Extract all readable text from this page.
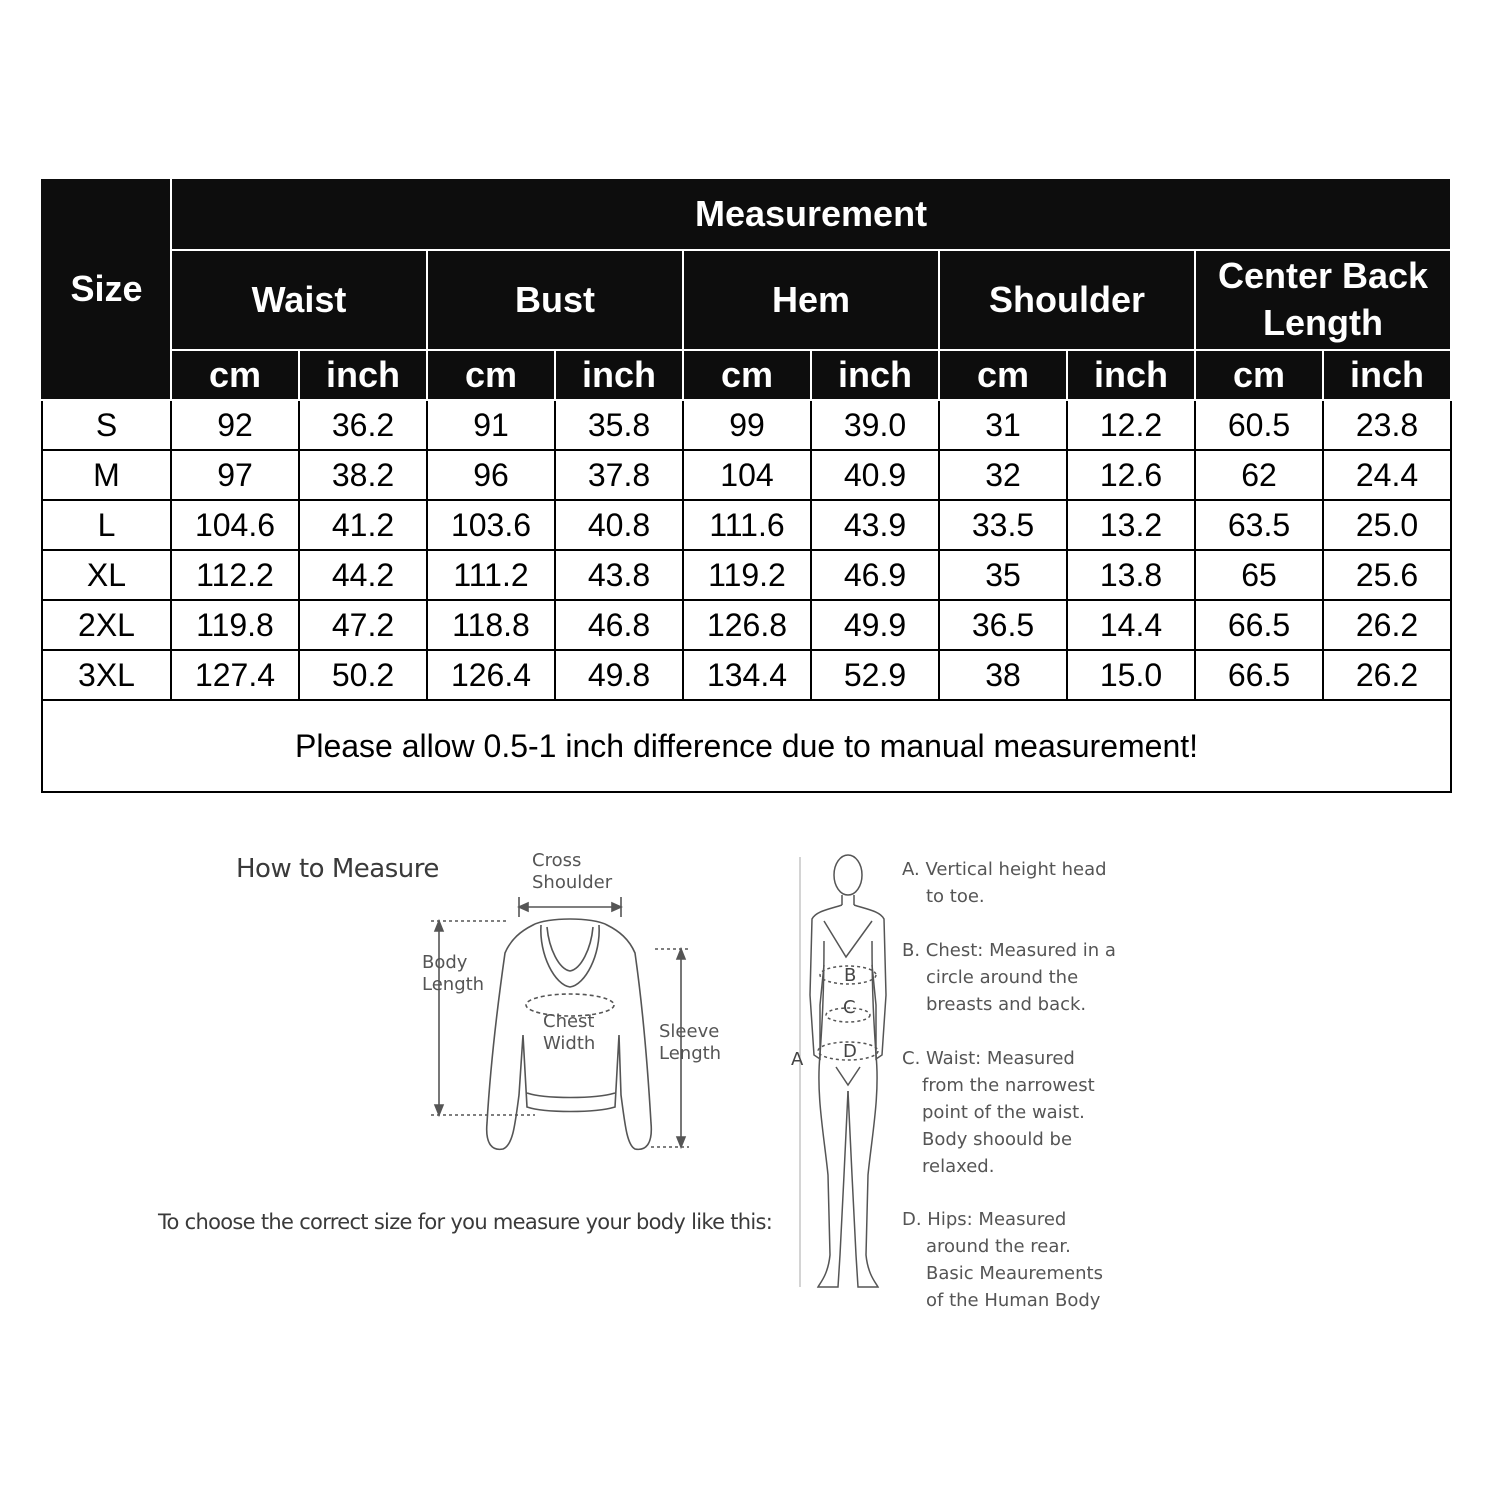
Size	Measurement									
	Waist		Bust		Hem		Shoulder		Center Back Length	
	cm	inch	cm	inch	cm	inch	cm	inch	cm	inch
S	92	36.2	91	35.8	99	39.0	31	12.2	60.5	23.8
M	97	38.2	96	37.8	104	40.9	32	12.6	62	24.4
L	104.6	41.2	103.6	40.8	111.6	43.9	33.5	13.2	63.5	25.0
XL	112.2	44.2	111.2	43.8	119.2	46.9	35	13.8	65	25.6
2XL	119.8	47.2	118.8	46.8	126.8	49.9	36.5	14.4	66.5	26.2
3XL	127.4	50.2	126.4	49.8	134.4	52.9	38	15.0	66.5	26.2
Please allow 0.5-1 inch difference due to manual measurement!										
How to Measure	Cross
Shoulder
Body
Length
Chest
Width
Sleeve
Length
To choose the correct size for you measure your body like this:
B
C
D
A
A. Vertical height head
to toe.
B. Chest: Measured in a
circle around the
breasts and back.
C. Waist: Measured
from the narrowest
point of the waist.
Body shoould be
relaxed.
D. Hips: Measured
around the rear.
Basic Meaurements
of the Human Body
